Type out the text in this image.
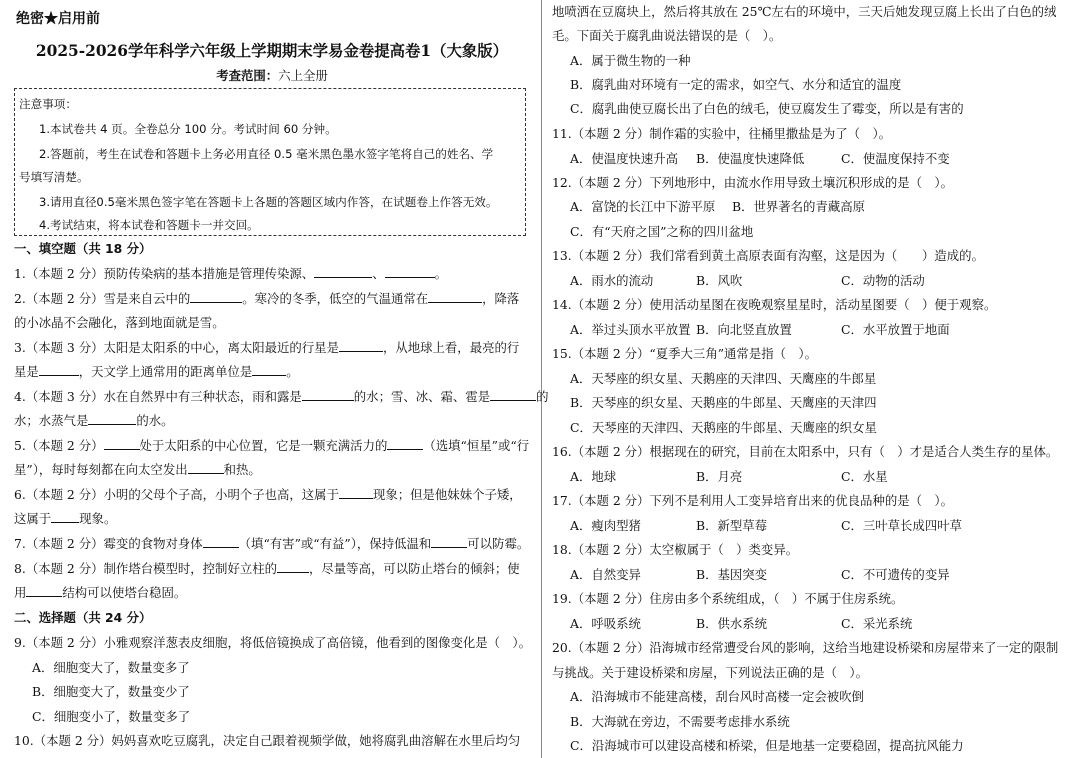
绝密★启用前
2025-2026学年科学六年级上学期期末学易金卷提高卷1（大象版）
考查范围：六上全册
注意事项：
1.本试卷共 4 页。全卷总分 100 分。考试时间 60 分钟。
2.答题前，考生在试卷和答题卡上务必用直径 0.5 毫米黑色墨水签字笔将自己的姓名、学
号填写清楚。
3.请用直径0.5毫米黑色签字笔在答题卡上各题的答题区域内作答，在试题卷上作答无效。
4.考试结束，将本试卷和答题卡一并交回。
一、填空题（共 18 分）
1.（本题 2 分）预防传染病的基本措施是管理传染源、	、	。
2.（本题 2 分）雪是来自云中的	。寒冷的冬季，低空的气温通常在	，降落
的小冰晶不会融化，落到地面就是雪。
3.（本题 3 分）太阳是太阳系的中心，离太阳最近的行星是	，从地球上看，最亮的行
星是	，天文学上通常用的距离单位是	。
4.（本题 3 分）水在自然界中有三种状态，雨和露是	的水；雪、冰、霜、雹是	的
水；水蒸气是	的水。
5.（本题 2 分）	处于太阳系的中心位置，它是一颗充满活力的	（选填“恒星”或“行
星”），每时每刻都在向太空发出	和热。
6.（本题 2 分）小明的父母个子高，小明个子也高，这属于	现象；但是他妹妹个子矮，
这属于 现象。
7.（本题 2 分）霉变的食物对身体	（填“有害”或“有益”），保持低温和	可以防霉。
8.（本题 2 分）制作塔台模型时，控制好立柱的	，尽量等高，可以防止塔台的倾斜；使
用	结构可以使塔台稳固。
二、选择题（共 24 分）
9.（本题 2 分）小雅观察洋葱表皮细胞，将低倍镜换成了高倍镜，他看到的图像变化是（　）。
A．细胞变大了，数量变多了
B．细胞变大了，数量变少了
C．细胞变小了，数量变多了
10.（本题 2 分）妈妈喜欢吃豆腐乳，决定自己跟着视频学做，她将腐乳曲溶解在水里后均匀
地喷洒在豆腐块上，然后将其放在 25℃左右的环境中，三天后她发现豆腐上长出了白色的绒
毛。下面关于腐乳曲说法错误的是（　）。
A．属于微生物的一种
B．腐乳曲对环境有一定的需求，如空气、水分和适宜的温度
C．腐乳曲使豆腐长出了白色的绒毛，使豆腐发生了霉变，所以是有害的
11.（本题 2 分）制作霜的实验中，往桶里撒盐是为了（　）。
A．使温度快速升高 B．使温度快速降低	C．使温度保持不变
12.（本题 2 分）下列地形中，由流水作用导致土壤沉积形成的是（　）。
A．富饶的长江中下游平原 B．世界著名的青藏高原
C．有“天府之国”之称的四川盆地
13.（本题 2 分）我们常看到黄土高原表面有沟壑，这是因为（　　）造成的。
A．雨水的流动	B．风吹	C．动物的活动
14.（本题 2 分）使用活动星图在夜晚观察星星时，活动星图要（　）便于观察。
A．举过头顶水平放置 B．向北竖直放置	C．水平放置于地面
15.（本题 2 分）“夏季大三角”通常是指（　）。
A．天琴座的织女星、天鹅座的天津四、天鹰座的牛郎星
B．天琴座的织女星、天鹅座的牛郎星、天鹰座的天津四
C．天琴座的天津四、天鹅座的牛郎星、天鹰座的织女星
16.（本题 2 分）根据现在的研究，目前在太阳系中，只有（　）才是适合人类生存的星体。
A．地球	B．月亮	C．水星
17.（本题 2 分）下列不是利用人工变异培育出来的优良品种的是（　）。
A．瘦肉型猪	B．新型草莓	C．三叶草长成四叶草
18.（本题 2 分）太空椒属于（　）类变异。
A．自然变异	B．基因突变	C．不可遗传的变异
19.（本题 2 分）住房由多个系统组成，（　）不属于住房系统。
A．呼吸系统	B．供水系统	C．采光系统
20.（本题 2 分）沿海城市经常遭受台风的影响，这给当地建设桥梁和房屋带来了一定的限制
与挑战。关于建设桥梁和房屋，下列说法正确的是（　）。
A．沿海城市不能建高楼，刮台风时高楼一定会被吹倒
B．大海就在旁边，不需要考虑排水系统
C．沿海城市可以建设高楼和桥梁，但是地基一定要稳固，提高抗风能力
